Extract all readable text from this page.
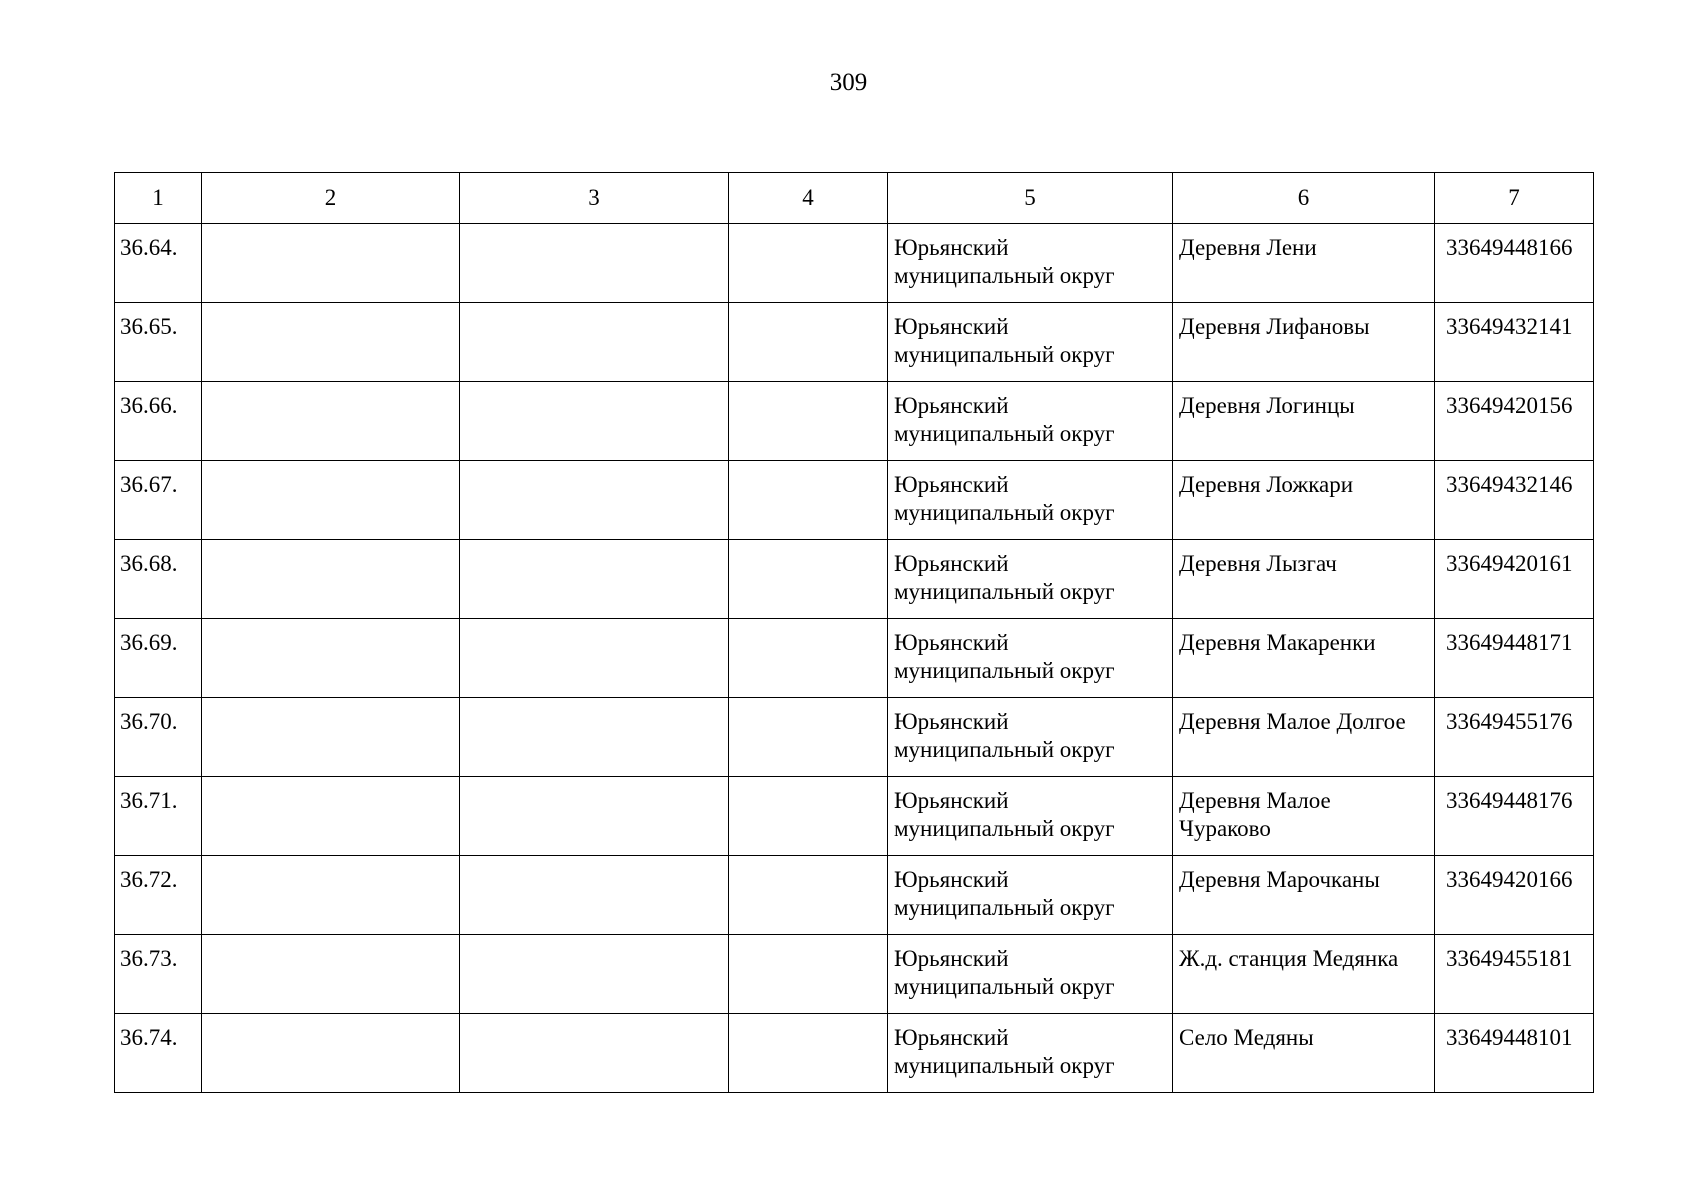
309
1	2	3	4	5	6	7
36.64.				Юрьянский муниципальный округ	Деревня Лени	33649448166
36.65.				Юрьянский муниципальный округ	Деревня Лифановы	33649432141
36.66.				Юрьянский муниципальный округ	Деревня Логинцы	33649420156
36.67.				Юрьянский муниципальный округ	Деревня Ложкари	33649432146
36.68.				Юрьянский муниципальный округ	Деревня Лызгач	33649420161
36.69.				Юрьянский муниципальный округ	Деревня Макаренки	33649448171
36.70.				Юрьянский муниципальный округ	Деревня Малое Долгое	33649455176
36.71.				Юрьянский муниципальный округ	Деревня Малое Чураково	33649448176
36.72.				Юрьянский муниципальный округ	Деревня Марочканы	33649420166
36.73.				Юрьянский муниципальный округ	Ж.д. станция Медянка	33649455181
36.74.				Юрьянский муниципальный округ	Село Медяны	33649448101
